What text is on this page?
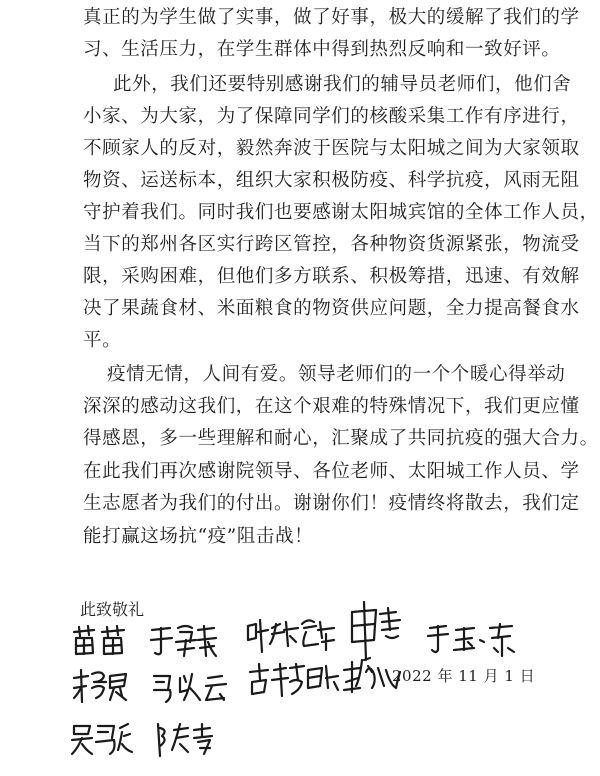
真正的为学生做了实事，做了好事，极大的缓解了我们的学
习、生活压力，在学生群体中得到热烈反响和一致好评。
此外，我们还要特别感谢我们的辅导员老师们，他们舍
小家、为大家，为了保障同学们的核酸采集工作有序进行，
不顾家人的反对，毅然奔波于医院与太阳城之间为大家领取
物资、运送标本，组织大家积极防疫、科学抗疫，风雨无阻
守护着我们。同时我们也要感谢太阳城宾馆的全体工作人员，
当下的郑州各区实行跨区管控，各种物资货源紧张，物流受
限，采购困难，但他们多方联系、积极筹措，迅速、有效解
决了果蔬食材、米面粮食的物资供应问题，全力提高餐食水
平。
疫情无情，人间有爱。领导老师们的一个个暖心得举动
深深的感动这我们，在这个艰难的特殊情况下，我们更应懂
得感恩，多一些理解和耐心，汇聚成了共同抗疫的强大合力。
在此我们再次感谢院领导、各位老师、太阳城工作人员、学
生志愿者为我们的付出。谢谢你们！疫情终将散去，我们定
能打赢这场抗“疫”阻击战！
此致敬礼
2022 年 11 月 1 日
